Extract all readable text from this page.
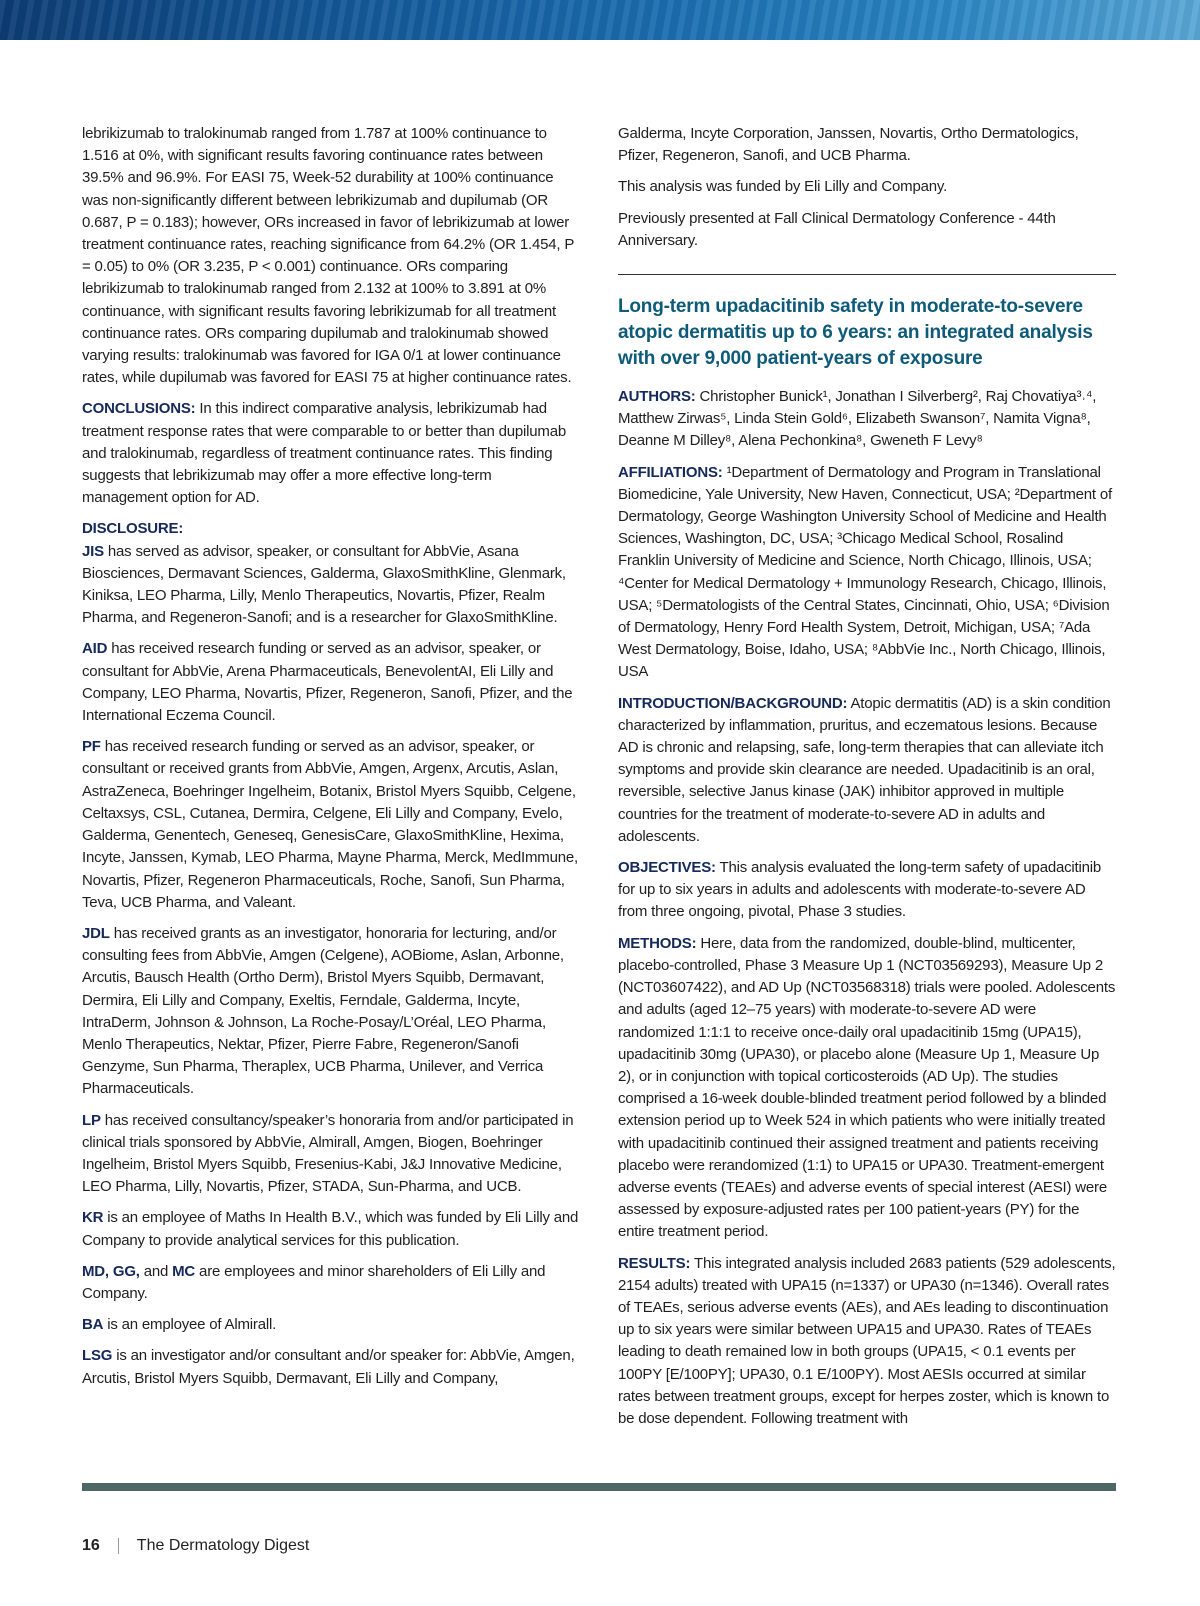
lebrikizumab to tralokinumab ranged from 1.787 at 100% continuance to 1.516 at 0%, with significant results favoring continuance rates between 39.5% and 96.9%. For EASI 75, Week-52 durability at 100% continuance was non-significantly different between lebrikizumab and dupilumab (OR 0.687, P = 0.183); however, ORs increased in favor of lebrikizumab at lower treatment continuance rates, reaching significance from 64.2% (OR 1.454, P = 0.05) to 0% (OR 3.235, P < 0.001) continuance. ORs comparing lebrikizumab to tralokinumab ranged from 2.132 at 100% to 3.891 at 0% continuance, with significant results favoring lebrikizumab for all treatment continuance rates. ORs comparing dupilumab and tralokinumab showed varying results: tralokinumab was favored for IGA 0/1 at lower continuance rates, while dupilumab was favored for EASI 75 at higher continuance rates.

CONCLUSIONS: In this indirect comparative analysis, lebrikizumab had treatment response rates that were comparable to or better than dupilumab and tralokinumab, regardless of treatment continuance rates. This finding suggests that lebrikizumab may offer a more effective long-term management option for AD.

DISCLOSURE:

JIS has served as advisor, speaker, or consultant for AbbVie, Asana Biosciences, Dermavant Sciences, Galderma, GlaxoSmithKline, Glenmark, Kiniksa, LEO Pharma, Lilly, Menlo Therapeutics, Novartis, Pfizer, Realm Pharma, and Regeneron-Sanofi; and is a researcher for GlaxoSmithKline.

AID has received research funding or served as an advisor, speaker, or consultant for AbbVie, Arena Pharmaceuticals, BenevolentAI, Eli Lilly and Company, LEO Pharma, Novartis, Pfizer, Regeneron, Sanofi, Pfizer, and the International Eczema Council.

PF has received research funding or served as an advisor, speaker, or consultant or received grants from AbbVie, Amgen, Argenx, Arcutis, Aslan, AstraZeneca, Boehringer Ingelheim, Botanix, Bristol Myers Squibb, Celgene, Celtaxsys, CSL, Cutanea, Dermira, Celgene, Eli Lilly and Company, Evelo, Galderma, Genentech, Geneseq, GenesisCare, GlaxoSmithKline, Hexima, Incyte, Janssen, Kymab, LEO Pharma, Mayne Pharma, Merck, MedImmune, Novartis, Pfizer, Regeneron Pharmaceuticals, Roche, Sanofi, Sun Pharma, Teva, UCB Pharma, and Valeant.

JDL has received grants as an investigator, honoraria for lecturing, and/or consulting fees from AbbVie, Amgen (Celgene), AOBiome, Aslan, Arbonne, Arcutis, Bausch Health (Ortho Derm), Bristol Myers Squibb, Dermavant, Dermira, Eli Lilly and Company, Exeltis, Ferndale, Galderma, Incyte, IntraDerm, Johnson & Johnson, La Roche-Posay/L’Oréal, LEO Pharma, Menlo Therapeutics, Nektar, Pfizer, Pierre Fabre, Regeneron/Sanofi Genzyme, Sun Pharma, Theraplex, UCB Pharma, Unilever, and Verrica Pharmaceuticals.

LP has received consultancy/speaker’s honoraria from and/or participated in clinical trials sponsored by AbbVie, Almirall, Amgen, Biogen, Boehringer Ingelheim, Bristol Myers Squibb, Fresenius-Kabi, J&J Innovative Medicine, LEO Pharma, Lilly, Novartis, Pfizer, STADA, Sun-Pharma, and UCB.

KR is an employee of Maths In Health B.V., which was funded by Eli Lilly and Company to provide analytical services for this publication.

MD, GG, and MC are employees and minor shareholders of Eli Lilly and Company.

BA is an employee of Almirall.

LSG is an investigator and/or consultant and/or speaker for: AbbVie, Amgen, Arcutis, Bristol Myers Squibb, Dermavant, Eli Lilly and Company,

Galderma, Incyte Corporation, Janssen, Novartis, Ortho Dermatologics, Pfizer, Regeneron, Sanofi, and UCB Pharma.

This analysis was funded by Eli Lilly and Company.

Previously presented at Fall Clinical Dermatology Conference - 44th Anniversary.

Long-term upadacitinib safety in moderate-to-severe atopic dermatitis up to 6 years: an integrated analysis with over 9,000 patient-years of exposure

AUTHORS: Christopher Bunick¹, Jonathan I Silverberg², Raj Chovatiya³˒⁴, Matthew Zirwas⁵, Linda Stein Gold⁶, Elizabeth Swanson⁷, Namita Vigna⁸, Deanne M Dilley⁸, Alena Pechonkina⁸, Gweneth F Levy⁸

AFFILIATIONS: ¹Department of Dermatology and Program in Translational Biomedicine, Yale University, New Haven, Connecticut, USA; ²Department of Dermatology, George Washington University School of Medicine and Health Sciences, Washington, DC, USA; ³Chicago Medical School, Rosalind Franklin University of Medicine and Science, North Chicago, Illinois, USA; ⁴Center for Medical Dermatology + Immunology Research, Chicago, Illinois, USA; ⁵Dermatologists of the Central States, Cincinnati, Ohio, USA; ⁶Division of Dermatology, Henry Ford Health System, Detroit, Michigan, USA; ⁷Ada West Dermatology, Boise, Idaho, USA; ⁸AbbVie Inc., North Chicago, Illinois, USA

INTRODUCTION/BACKGROUND: Atopic dermatitis (AD) is a skin condition characterized by inflammation, pruritus, and eczematous lesions. Because AD is chronic and relapsing, safe, long-term therapies that can alleviate itch symptoms and provide skin clearance are needed. Upadacitinib is an oral, reversible, selective Janus kinase (JAK) inhibitor approved in multiple countries for the treatment of moderate-to-severe AD in adults and adolescents.

OBJECTIVES: This analysis evaluated the long-term safety of upadacitinib for up to six years in adults and adolescents with moderate-to-severe AD from three ongoing, pivotal, Phase 3 studies.

METHODS: Here, data from the randomized, double-blind, multicenter, placebo-controlled, Phase 3 Measure Up 1 (NCT03569293), Measure Up 2 (NCT03607422), and AD Up (NCT03568318) trials were pooled. Adolescents and adults (aged 12–75 years) with moderate-to-severe AD were randomized 1:1:1 to receive once-daily oral upadacitinib 15mg (UPA15), upadacitinib 30mg (UPA30), or placebo alone (Measure Up 1, Measure Up 2), or in conjunction with topical corticosteroids (AD Up). The studies comprised a 16-week double-blinded treatment period followed by a blinded extension period up to Week 524 in which patients who were initially treated with upadacitinib continued their assigned treatment and patients receiving placebo were rerandomized (1:1) to UPA15 or UPA30. Treatment-emergent adverse events (TEAEs) and adverse events of special interest (AESI) were assessed by exposure-adjusted rates per 100 patient-years (PY) for the entire treatment period.

RESULTS: This integrated analysis included 2683 patients (529 adolescents, 2154 adults) treated with UPA15 (n=1337) or UPA30 (n=1346). Overall rates of TEAEs, serious adverse events (AEs), and AEs leading to discontinuation up to six years were similar between UPA15 and UPA30. Rates of TEAEs leading to death remained low in both groups (UPA15, < 0.1 events per 100PY [E/100PY]; UPA30, 0.1 E/100PY). Most AESIs occurred at similar rates between treatment groups, except for herpes zoster, which is known to be dose dependent. Following treatment with

16 The Dermatology Digest
